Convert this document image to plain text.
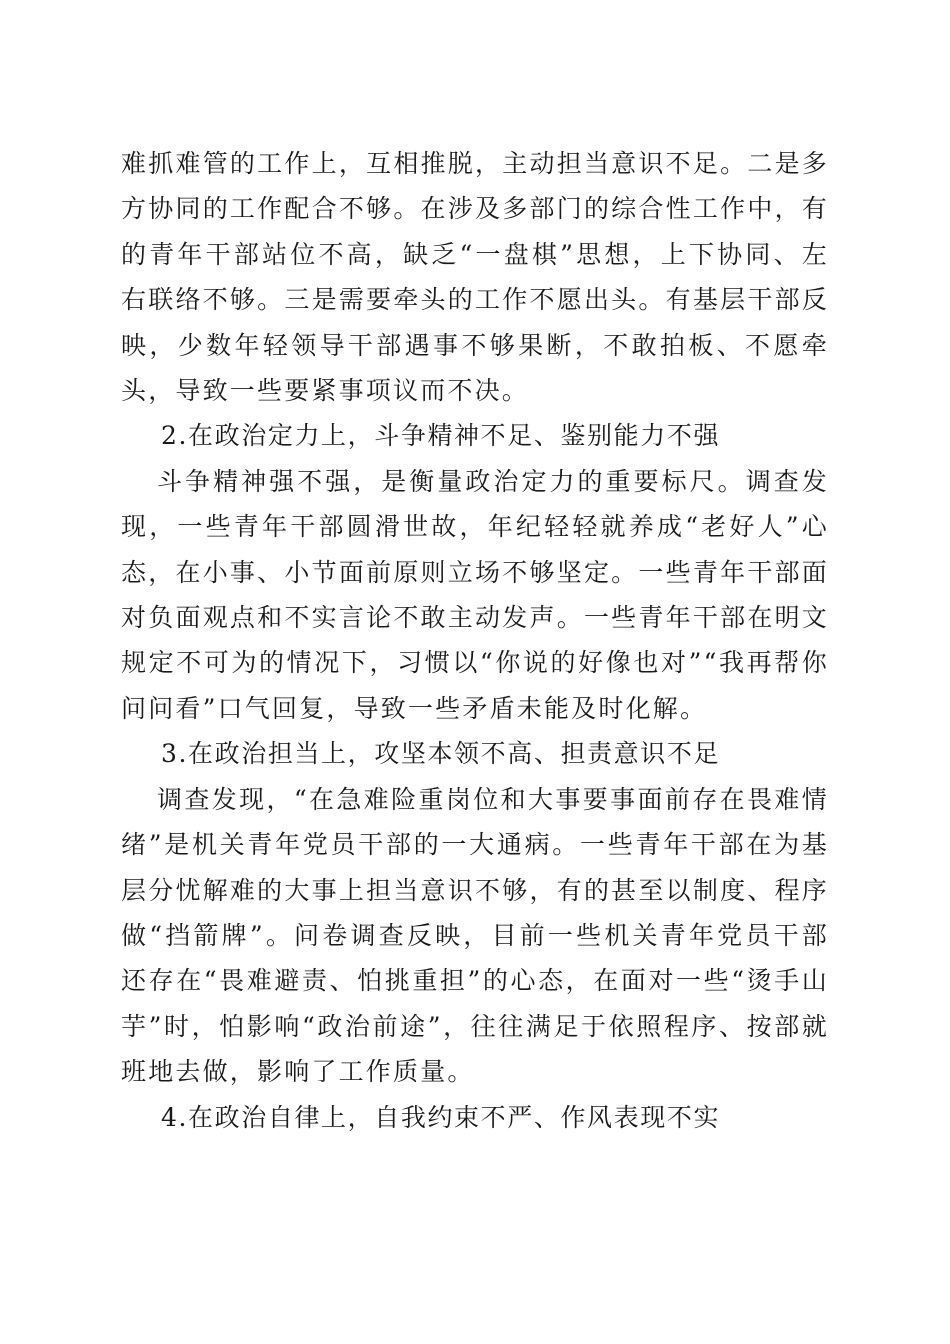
难抓难管的工作上，互相推脱，主动担当意识不足。二是多方协同的工作配合不够。在涉及多部门的综合性工作中，有的青年干部站位不高，缺乏“一盘棋”思想，上下协同、左右联络不够。三是需要牵头的工作不愿出头。有基层干部反映，少数年轻领导干部遇事不够果断，不敢拍板、不愿牵头，导致一些要紧事项议而不决。

2.在政治定力上，斗争精神不足、鉴别能力不强

斗争精神强不强，是衡量政治定力的重要标尺。调查发现，一些青年干部圆滑世故，年纪轻轻就养成“老好人”心态，在小事、小节面前原则立场不够坚定。一些青年干部面对负面观点和不实言论不敢主动发声。一些青年干部在明文规定不可为的情况下，习惯以“你说的好像也对”“我再帮你问问看”口气回复，导致一些矛盾未能及时化解。

3.在政治担当上，攻坚本领不高、担责意识不足

调查发现，“在急难险重岗位和大事要事面前存在畏难情绪”是机关青年党员干部的一大通病。一些青年干部在为基层分忧解难的大事上担当意识不够，有的甚至以制度、程序做“挡箭牌”。问卷调查反映，目前一些机关青年党员干部还存在“畏难避责、怕挑重担”的心态，在面对一些“烫手山芋”时，怕影响“政治前途”，往往满足于依照程序、按部就班地去做，影响了工作质量。

4.在政治自律上，自我约束不严、作风表现不实
